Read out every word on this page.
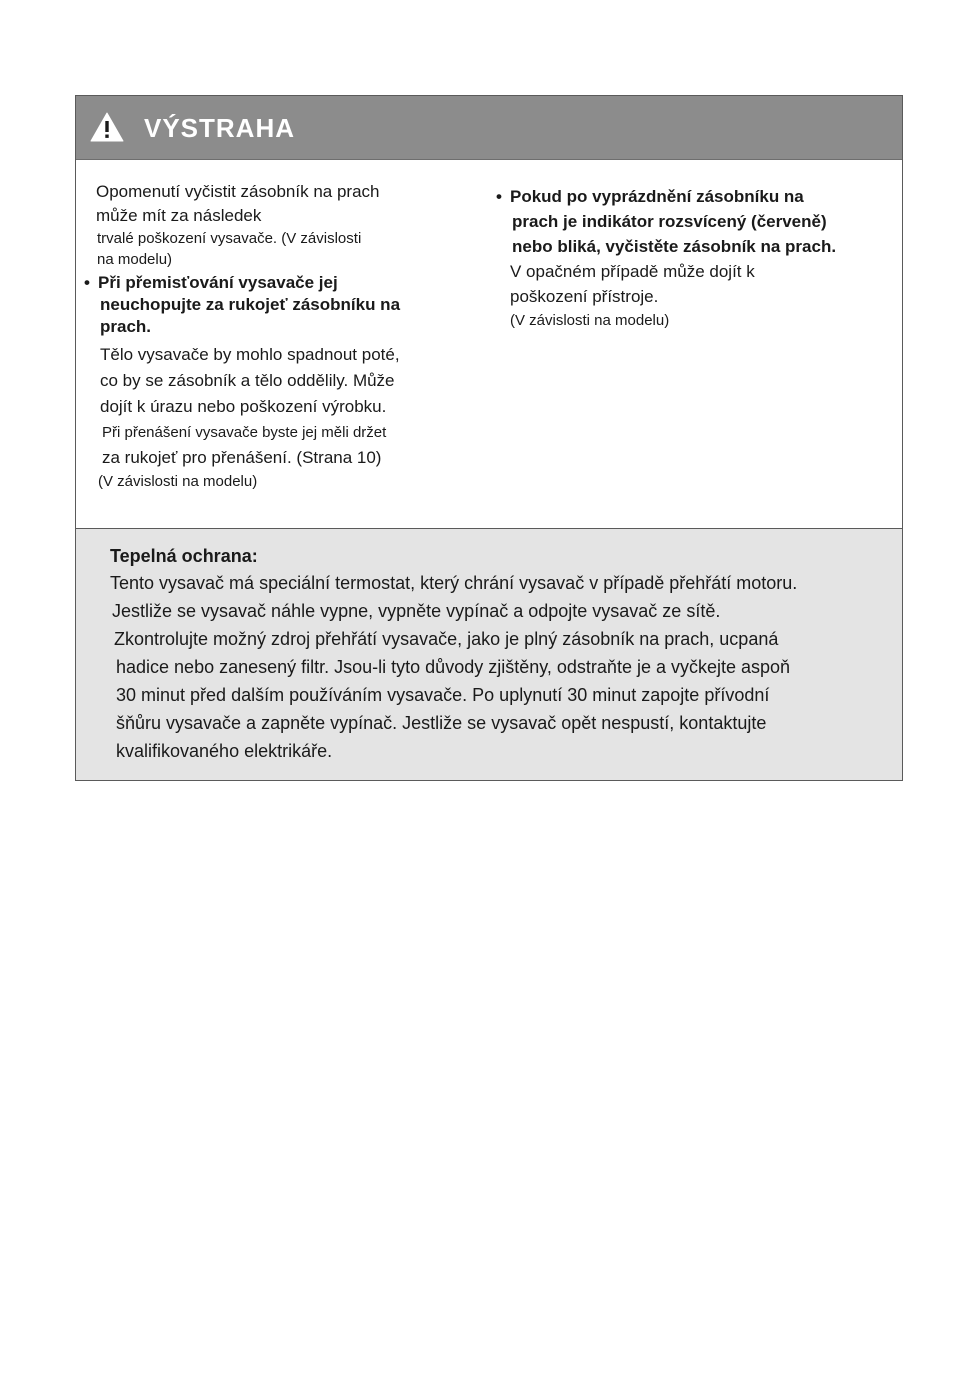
VÝSTRAHA
Opomenutí vyčistit zásobník na prach
může mít za následek
trvalé poškození vysavače. (V závislosti
na modelu)
• Při přemisťování vysavače jej
neuchopujte za rukojeť zásobníku na
prach.
Tělo vysavače by mohlo spadnout poté,
co by se zásobník a tělo oddělily. Může
dojít k úrazu nebo poškození výrobku.
Při přenášení vysavače byste jej měli držet
za rukojeť pro přenášení. (Strana 10)
(V závislosti na modelu)
• Pokud po vyprázdnění zásobníku na
prach je indikátor rozsvícený (červeně)
nebo bliká, vyčistěte zásobník na prach.
V opačném případě může dojít k
poškození přístroje.
(V závislosti na modelu)
Tepelná ochrana:
Tento vysavač má speciální termostat, který chrání vysavač v případě přehřátí motoru.
Jestliže se vysavač náhle vypne, vypněte vypínač a odpojte vysavač ze sítě.
Zkontrolujte možný zdroj přehřátí vysavače, jako je plný zásobník na prach, ucpaná
hadice nebo zanesený filtr. Jsou-li tyto důvody zjištěny, odstraňte je a vyčkejte aspoň
30 minut před dalším používáním vysavače. Po uplynutí 30 minut zapojte přívodní
šňůru vysavače a zapněte vypínač. Jestliže se vysavač opět nespustí, kontaktujte
kvalifikovaného elektrikáře.
